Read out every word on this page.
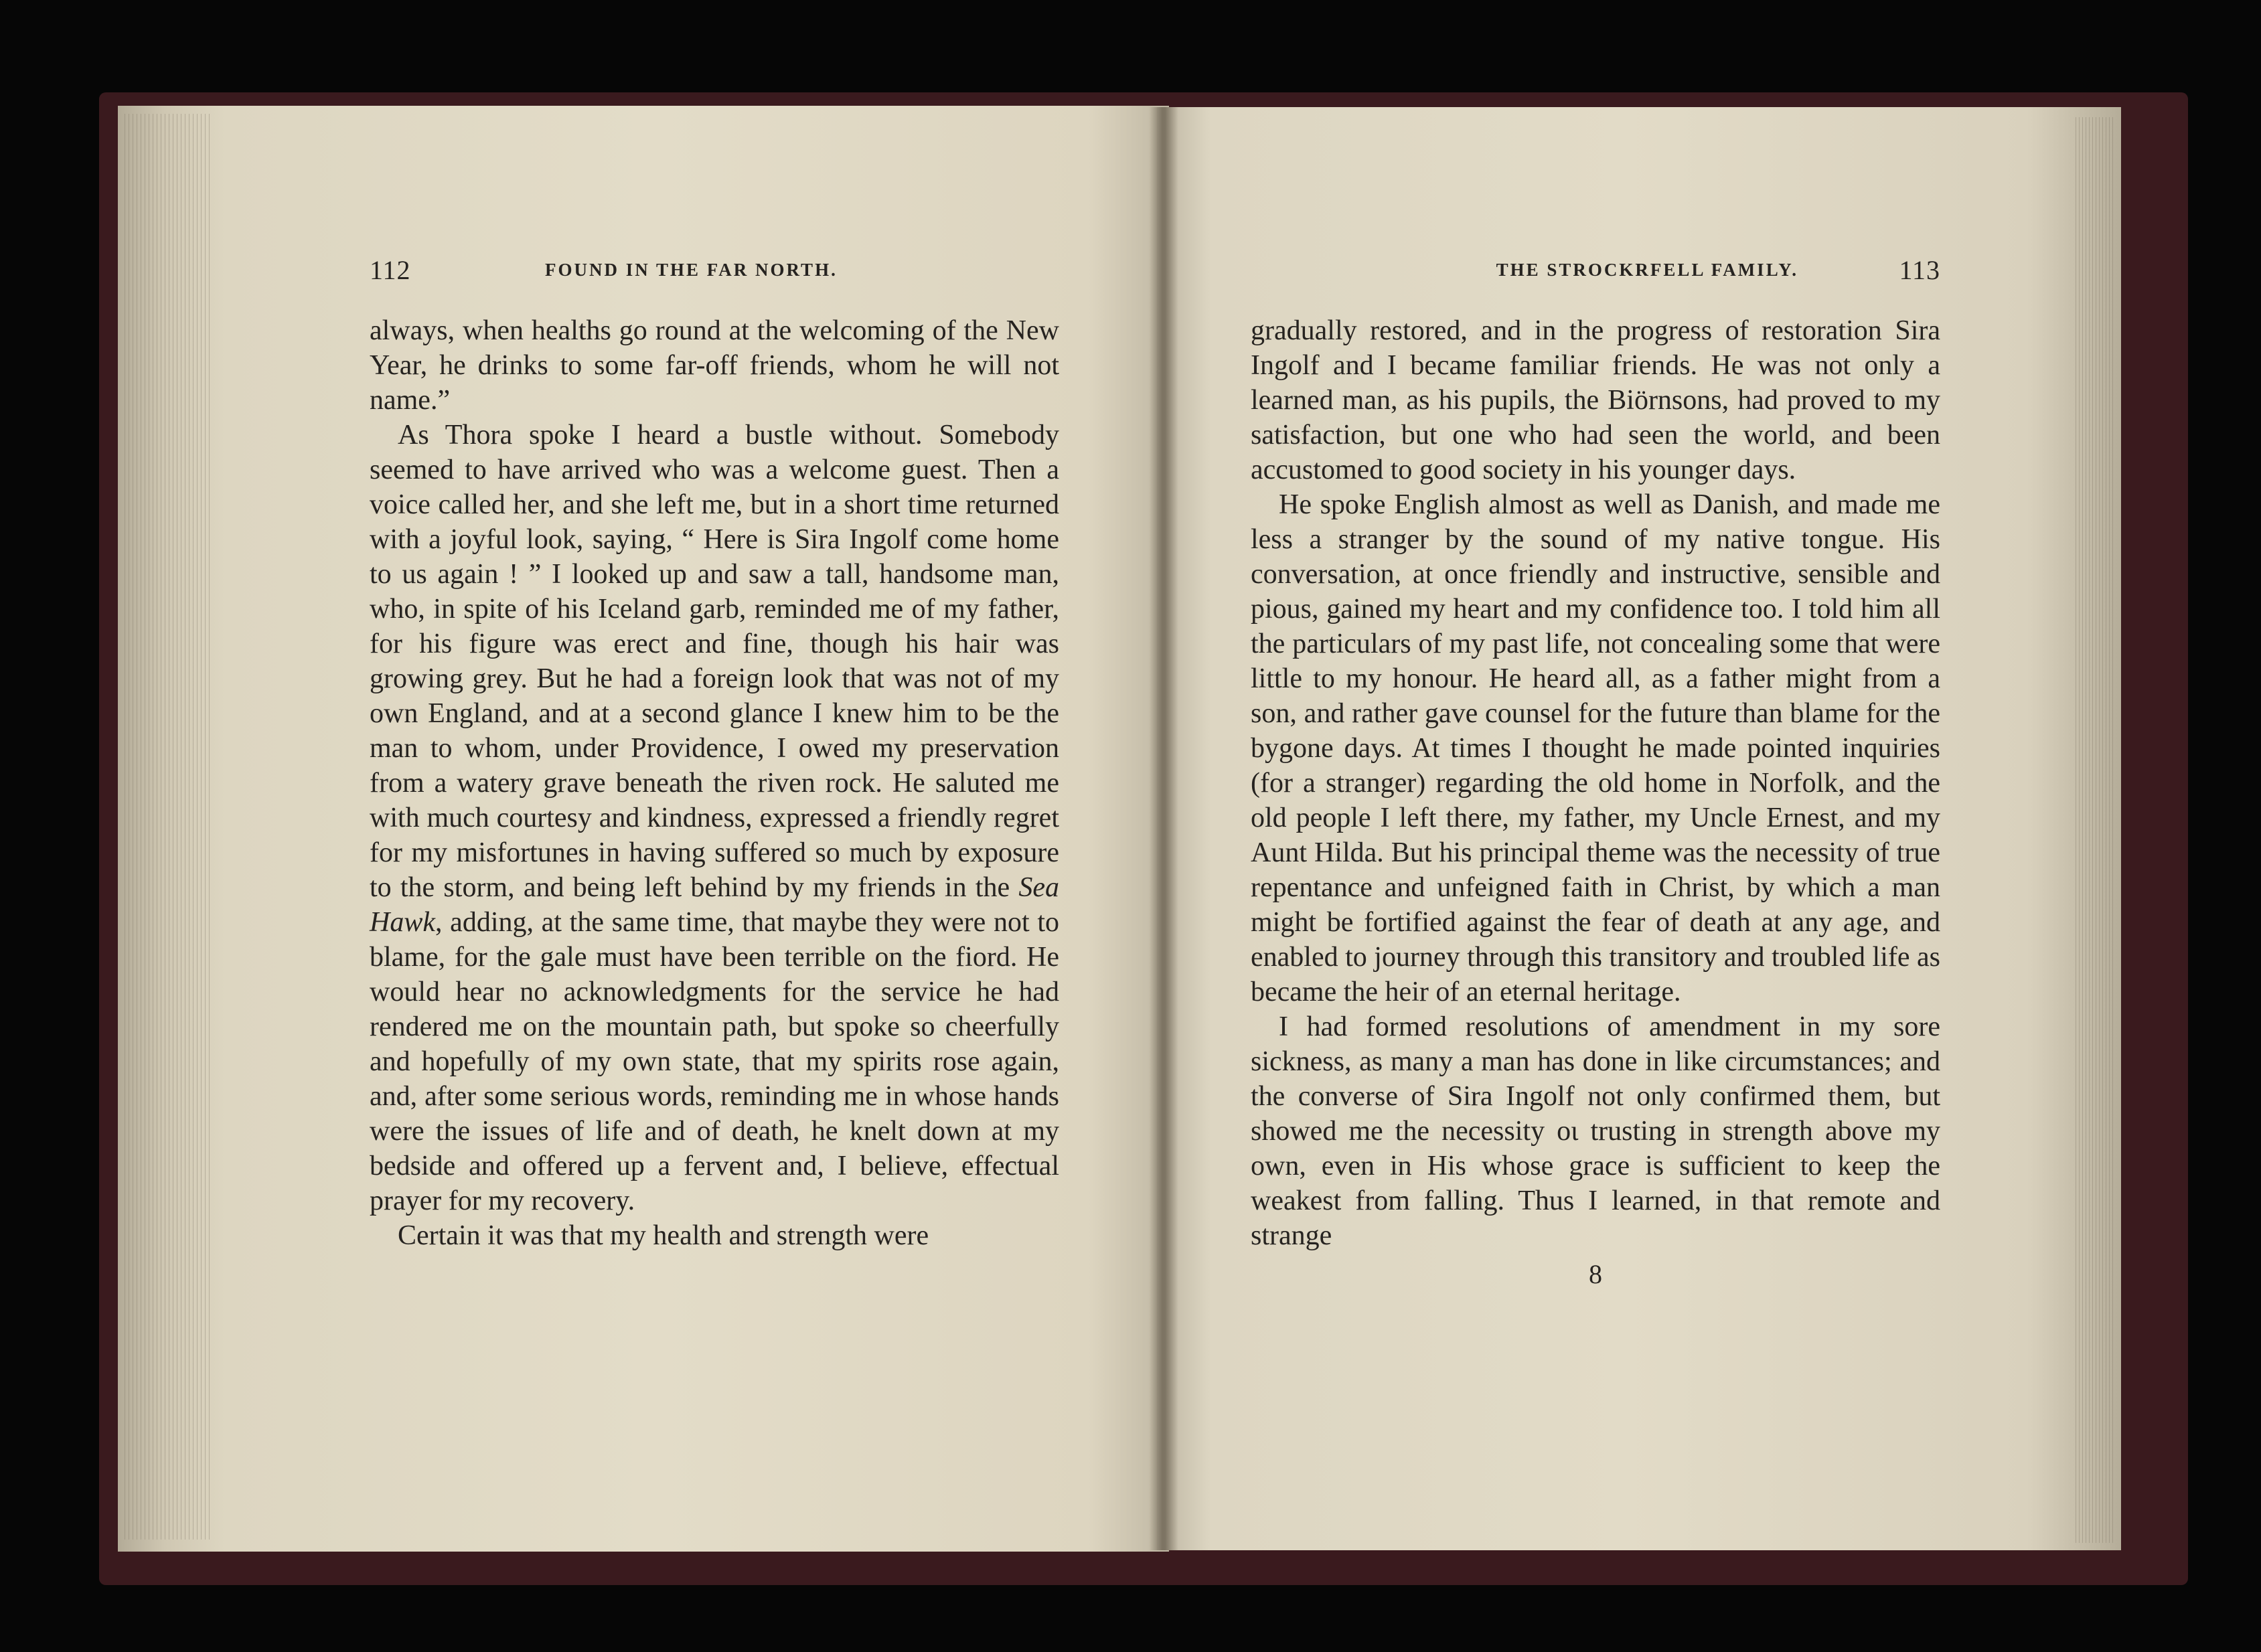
112	FOUND IN THE FAR NORTH.

always, when healths go round at the welcoming of the New Year, he drinks to some far-off friends, whom he will not name.”

As Thora spoke I heard a bustle without. Somebody seemed to have arrived who was a welcome guest. Then a voice called her, and she left me, but in a short time returned with a joyful look, saying, “ Here is Sira Ingolf come home to us again ! ” I looked up and saw a tall, handsome man, who, in spite of his Iceland garb, reminded me of my father, for his figure was erect and fine, though his hair was growing grey. But he had a foreign look that was not of my own England, and at a second glance I knew him to be the man to whom, under Providence, I owed my preservation from a watery grave beneath the riven rock. He saluted me with much courtesy and kindness, expressed a friendly regret for my misfortunes in having suffered so much by exposure to the storm, and being left behind by my friends in the Sea Hawk, adding, at the same time, that maybe they were not to blame, for the gale must have been terrible on the fiord. He would hear no acknowledgments for the service he had rendered me on the mountain path, but spoke so cheerfully and hopefully of my own state, that my spirits rose again, and, after some serious words, reminding me in whose hands were the issues of life and of death, he knelt down at my bedside and offered up a fervent and, I believe, effectual prayer for my recovery.

Certain it was that my health and strength were

THE STROCKRFELL FAMILY.	113

gradually restored, and in the progress of restoration Sira Ingolf and I became familiar friends. He was not only a learned man, as his pupils, the Biörnsons, had proved to my satisfaction, but one who had seen the world, and been accustomed to good society in his younger days.

He spoke English almost as well as Danish, and made me less a stranger by the sound of my native tongue. His conversation, at once friendly and instructive, sensible and pious, gained my heart and my confidence too. I told him all the particulars of my past life, not concealing some that were little to my honour. He heard all, as a father might from a son, and rather gave counsel for the future than blame for the bygone days. At times I thought he made pointed inquiries (for a stranger) regarding the old home in Norfolk, and the old people I left there, my father, my Uncle Ernest, and my Aunt Hilda. But his principal theme was the necessity of true repentance and unfeigned faith in Christ, by which a man might be fortified against the fear of death at any age, and enabled to journey through this transitory and troubled life as became the heir of an eternal heritage.

I had formed resolutions of amendment in my sore sickness, as many a man has done in like circumstances; and the converse of Sira Ingolf not only confirmed them, but showed me the necessity oι trusting in strength above my own, even in His whose grace is sufficient to keep the weakest from falling. Thus I learned, in that remote and strange

8
